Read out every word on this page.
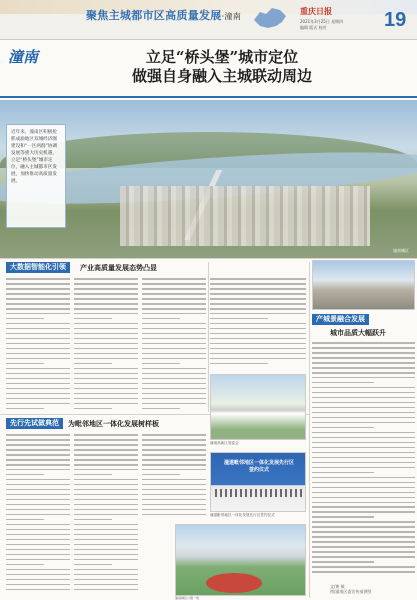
聚焦主城都市区高质量发展·潼南
重庆日报
2021年3月25日 星期四
编辑 版式 校对	19
潼南	立足“桥头堡”城市定位
做强自身融入主城联动周边
潼南城区
近年来，潼南区积极抢抓成渝地区双城经济圈建设和“一区两群”协调发展等重大历史机遇，立足“桥头堡”城市定位，融入主城都市区发展，加快推动高质量发展。
大数据智能化引领	产业高质量发展态势凸显
产城景融合发展
城市品质大幅跃升
先行先试做典范	为毗邻地区一体化发展树样板
潼南高新区管委会
潼遂毗邻地区一体化发展先行区
签约仪式
潼遂毗邻地区一体化发展先行区签约仪式
潼南城区公园一角
文/黄 敏
图/潼南区委宣传部供图
